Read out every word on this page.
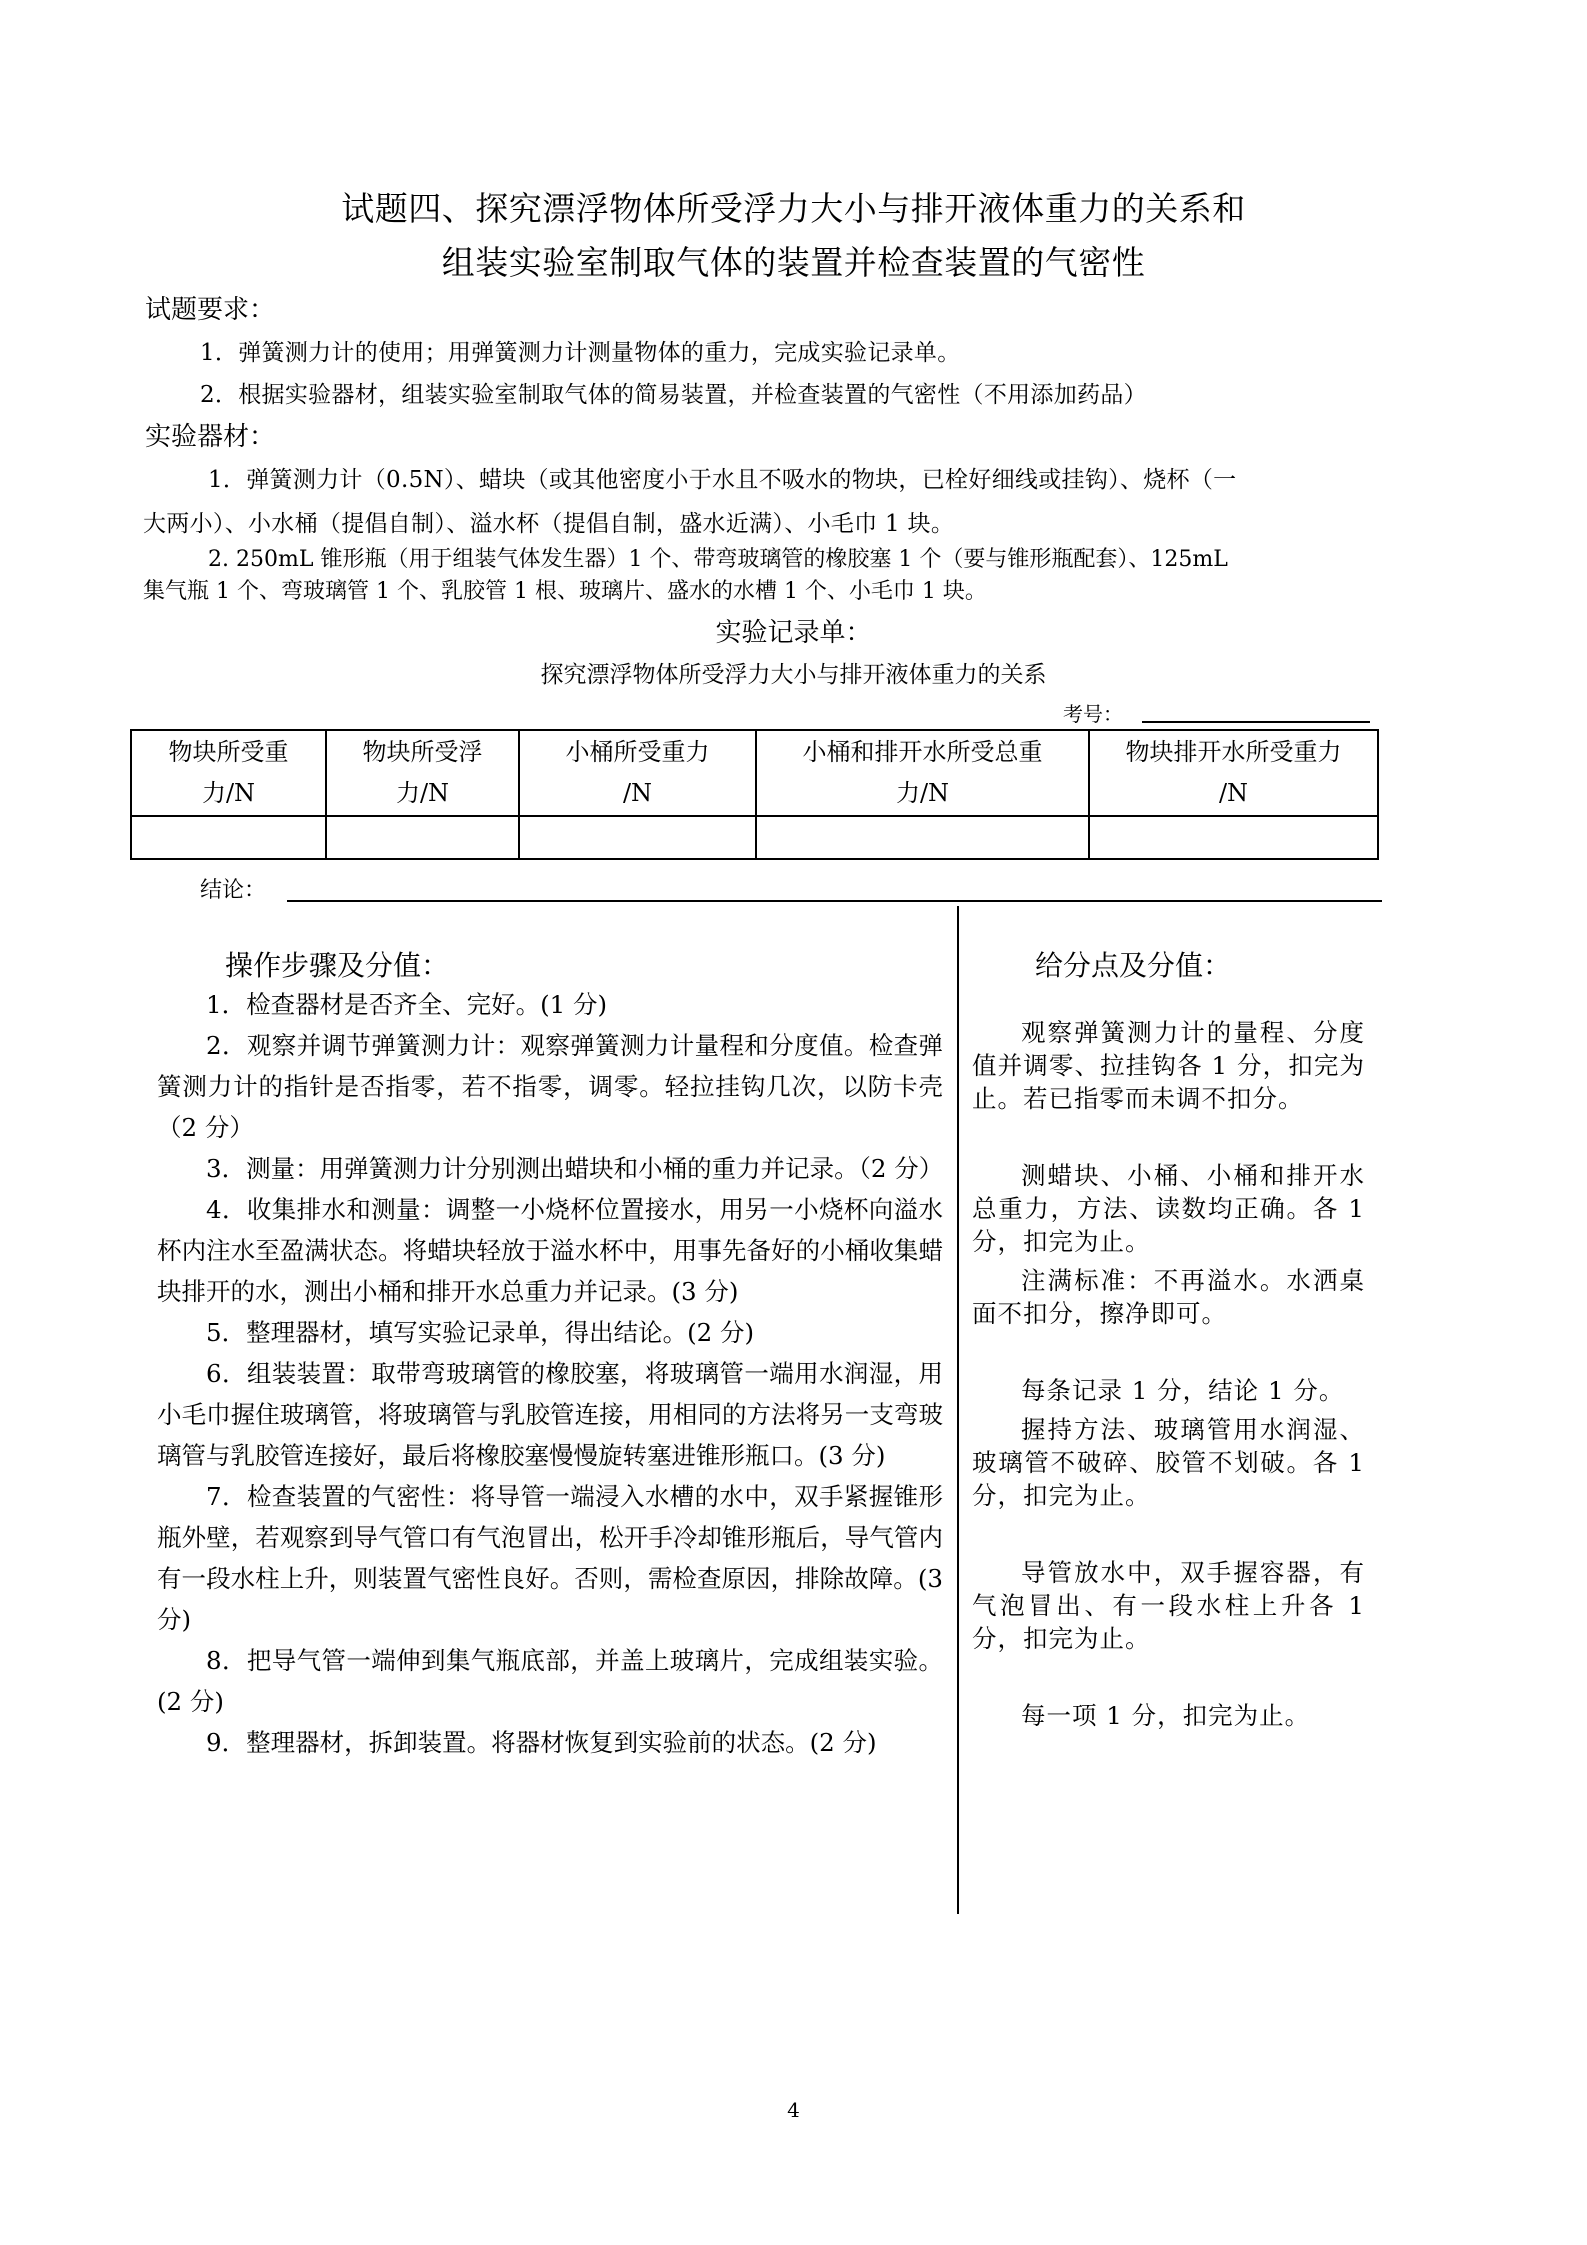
试题四、探究漂浮物体所受浮力大小与排开液体重力的关系和
组装实验室制取气体的装置并检查装置的气密性
试题要求：
1．弹簧测力计的使用；用弹簧测力计测量物体的重力，完成实验记录单。
2．根据实验器材，组装实验室制取气体的简易装置，并检查装置的气密性（不用添加药品）
实验器材：
1．弹簧测力计（0.5N）、蜡块（或其他密度小于水且不吸水的物块，已栓好细线或挂钩）、烧杯（一
大两小）、小水桶（提倡自制）、溢水杯（提倡自制，盛水近满）、小毛巾 1 块。
2. 250mL 锥形瓶（用于组装气体发生器）1 个、带弯玻璃管的橡胶塞 1 个（要与锥形瓶配套）、125mL
集气瓶 1 个、弯玻璃管 1 个、乳胶管 1 根、玻璃片、盛水的水槽 1 个、小毛巾 1 块。
实验记录单：
探究漂浮物体所受浮力大小与排开液体重力的关系
考号：
物块所受重
力/N	物块所受浮
力/N	小桶所受重力
/N	小桶和排开水所受总重
力/N	物块排开水所受重力
/N

结论：
操作步骤及分值：

1．检查器材是否齐全、完好。(1 分)

2．观察并调节弹簧测力计：观察弹簧测力计量程和分度值。检查弹簧测力计的指针是否指零，若不指零，调零。轻拉挂钩几次，以防卡壳（2 分）

3．测量：用弹簧测力计分别测出蜡块和小桶的重力并记录。（2 分）

4．收集排水和测量：调整一小烧杯位置接水，用另一小烧杯向溢水杯内注水至盈满状态。将蜡块轻放于溢水杯中，用事先备好的小桶收集蜡块排开的水，测出小桶和排开水总重力并记录。(3 分)

5．整理器材，填写实验记录单，得出结论。(2 分)

6．组装装置：取带弯玻璃管的橡胶塞，将玻璃管一端用水润湿，用小毛巾握住玻璃管，将玻璃管与乳胶管连接，用相同的方法将另一支弯玻璃管与乳胶管连接好，最后将橡胶塞慢慢旋转塞进锥形瓶口。(3 分)

7．检查装置的气密性：将导管一端浸入水槽的水中，双手紧握锥形瓶外壁，若观察到导气管口有气泡冒出，松开手冷却锥形瓶后，导气管内有一段水柱上升，则装置气密性良好。否则，需检查原因，排除故障。(3 分)

8．把导气管一端伸到集气瓶底部，并盖上玻璃片，完成组装实验。(2 分)

9．整理器材，拆卸装置。将器材恢复到实验前的状态。(2 分)

给分点及分值：

观察弹簧测力计的量程、分度值并调零、拉挂钩各 1 分，扣完为止。若已指零而未调不扣分。

测蜡块、小桶、小桶和排开水总重力，方法、读数均正确。各 1 分，扣完为止。

注满标准：不再溢水。水洒桌面不扣分，擦净即可。

每条记录 1 分，结论 1 分。

握持方法、玻璃管用水润湿、玻璃管不破碎、胶管不划破。各 1 分，扣完为止。

导管放水中，双手握容器，有气泡冒出、有一段水柱上升各 1 分，扣完为止。

每一项 1 分，扣完为止。

4
